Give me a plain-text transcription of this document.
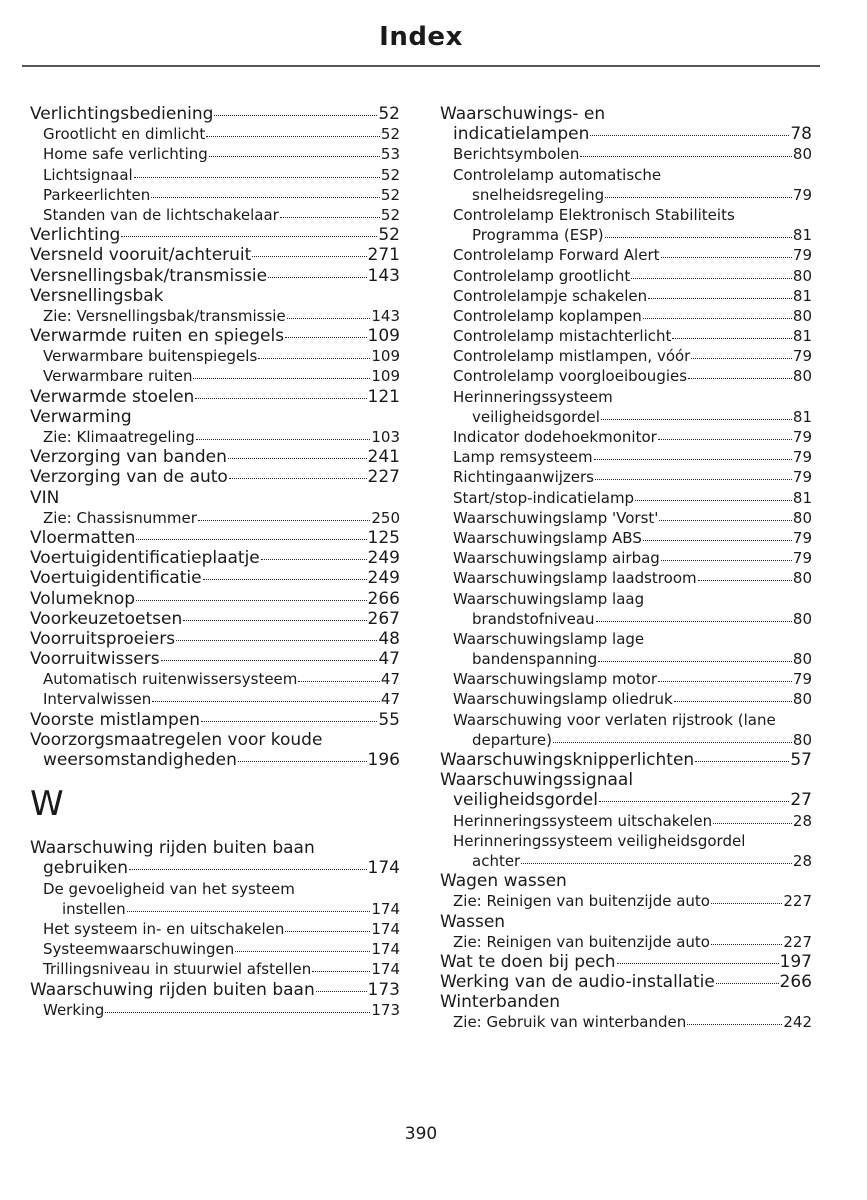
Index
Verlichtingsbediening	52
Grootlicht en dimlicht	52
Home safe verlichting	53
Lichtsignaal	52
Parkeerlichten	52
Standen van de lichtschakelaar	52
Verlichting	52
Versneld vooruit/achteruit	271
Versnellingsbak/transmissie	143
Versnellingsbak
Zie: Versnellingsbak/transmissie	143
Verwarmde ruiten en spiegels	109
Verwarmbare buitenspiegels	109
Verwarmbare ruiten	109
Verwarmde stoelen	121
Verwarming
Zie: Klimaatregeling	103
Verzorging van banden	241
Verzorging van de auto	227
VIN
Zie: Chassisnummer	250
Vloermatten	125
Voertuigidentificatieplaatje	249
Voertuigidentificatie	249
Volumeknop	266
Voorkeuzetoetsen	267
Voorruitsproeiers	48
Voorruitwissers	47
Automatisch ruitenwissersysteem	47
Intervalwissen	47
Voorste mistlampen	55
Voorzorgsmaatregelen voor koude
weersomstandigheden	196
W
Waarschuwing rijden buiten baan
gebruiken	174
De gevoeligheid van het systeem
instellen	174
Het systeem in- en uitschakelen	174
Systeemwaarschuwingen	174
Trillingsniveau in stuurwiel afstellen	174
Waarschuwing rijden buiten baan	173
Werking	173
Waarschuwings- en
indicatielampen	78
Berichtsymbolen	80
Controlelamp automatische
snelheidsregeling	79
Controlelamp Elektronisch Stabiliteits
Programma (ESP)	81
Controlelamp Forward Alert	79
Controlelamp grootlicht	80
Controlelampje schakelen	81
Controlelamp koplampen	80
Controlelamp mistachterlicht	81
Controlelamp mistlampen, vóór	79
Controlelamp voorgloeibougies	80
Herinneringssysteem
veiligheidsgordel	81
Indicator dodehoekmonitor	79
Lamp remsysteem	79
Richtingaanwijzers	79
Start/stop-indicatielamp	81
Waarschuwingslamp 'Vorst'	80
Waarschuwingslamp ABS	79
Waarschuwingslamp airbag	79
Waarschuwingslamp laadstroom	80
Waarschuwingslamp laag
brandstofniveau	80
Waarschuwingslamp lage
bandenspanning	80
Waarschuwingslamp motor	79
Waarschuwingslamp oliedruk	80
Waarschuwing voor verlaten rijstrook (lane
departure)	80
Waarschuwingsknipperlichten	57
Waarschuwingssignaal
veiligheidsgordel	27
Herinneringssysteem uitschakelen	28
Herinneringssysteem veiligheidsgordel
achter	28
Wagen wassen
Zie: Reinigen van buitenzijde auto	227
Wassen
Zie: Reinigen van buitenzijde auto	227
Wat te doen bij pech	197
Werking van de audio-installatie	266
Winterbanden
Zie: Gebruik van winterbanden	242
390
